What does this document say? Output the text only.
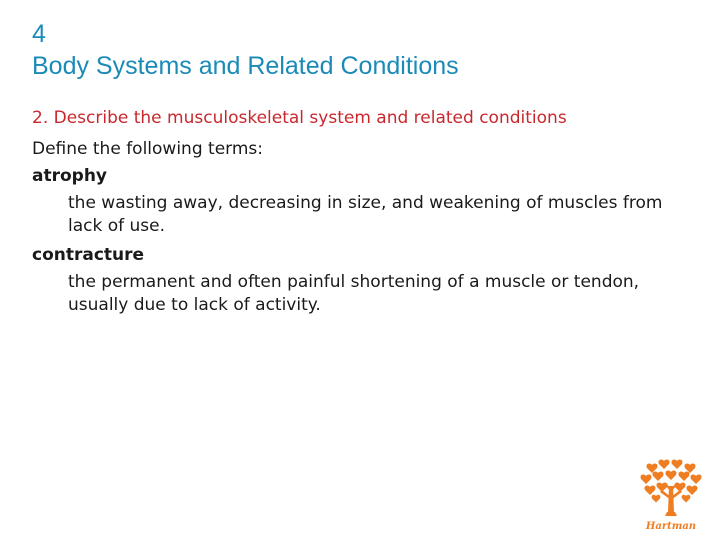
4
Body Systems and Related Conditions

2. Describe the musculoskeletal system and related conditions

Define the following terms:

atrophy

the wasting away, decreasing in size, and weakening of muscles from lack of use.

contracture

the permanent and often painful shortening of a muscle or tendon, usually due to lack of activity.

Hartman
